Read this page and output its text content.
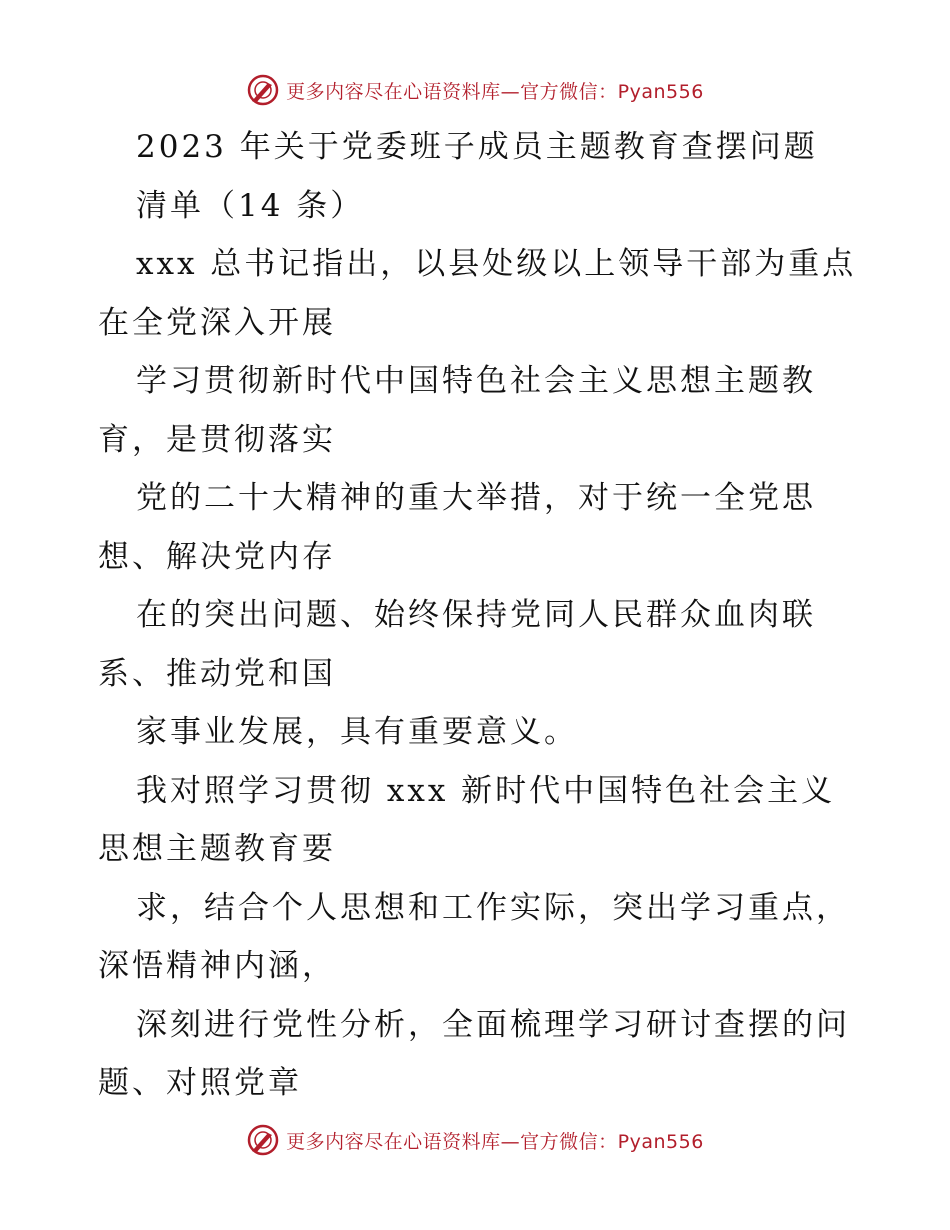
更多内容尽在心语资料库—官方微信：Pyan556
2023 年关于党委班子成员主题教育查摆问题
清单（14 条）
xxx 总书记指出，以县处级以上领导干部为重点
在全党深入开展
学习贯彻新时代中国特色社会主义思想主题教
育，是贯彻落实
党的二十大精神的重大举措，对于统一全党思
想、解决党内存
在的突出问题、始终保持党同人民群众血肉联
系、推动党和国
家事业发展，具有重要意义。
我对照学习贯彻 xxx 新时代中国特色社会主义
思想主题教育要
求，结合个人思想和工作实际，突出学习重点，
深悟精神内涵，
深刻进行党性分析，全面梳理学习研讨查摆的问
题、对照党章
更多内容尽在心语资料库—官方微信：Pyan556
